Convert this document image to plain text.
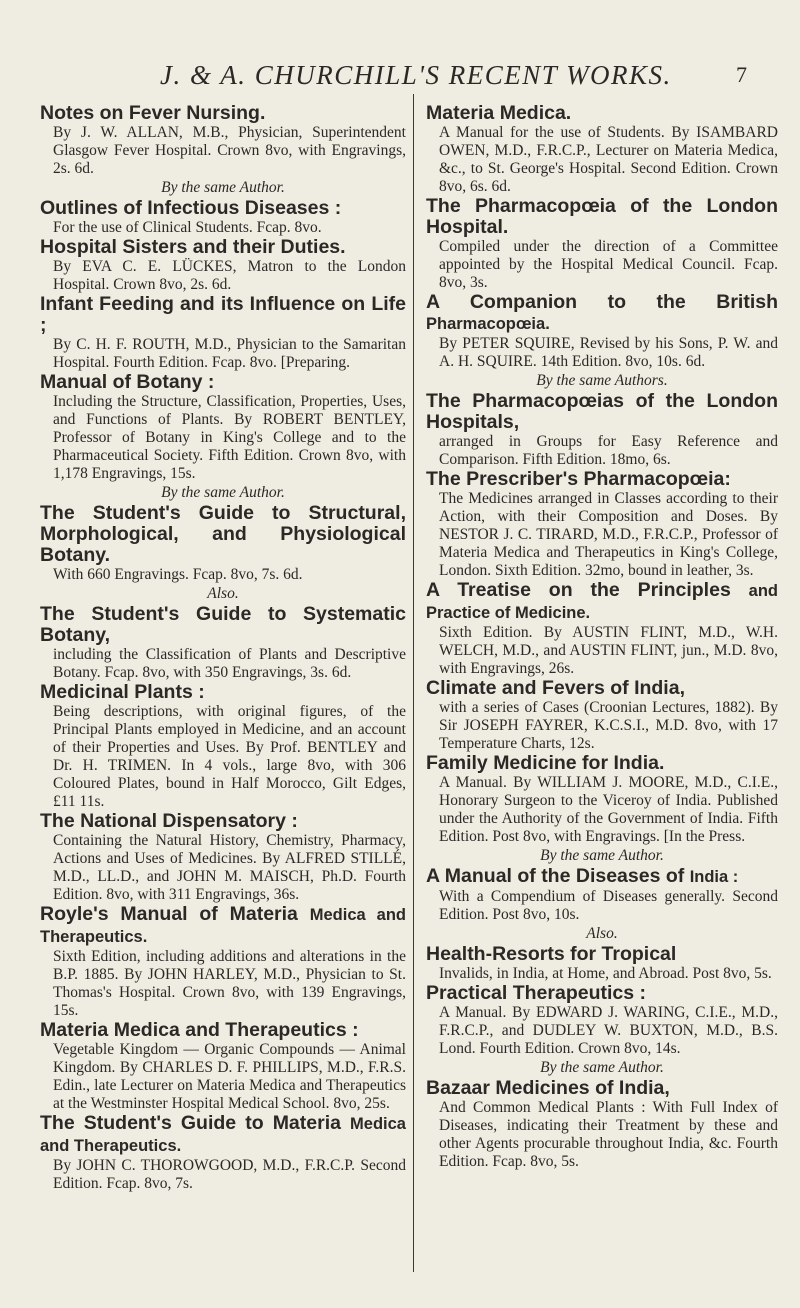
J. & A. CHURCHILL'S RECENT WORKS.	7

Notes on Fever Nursing.

By J. W. ALLAN, M.B., Physician, Superintendent Glasgow Fever Hospital. Crown 8vo, with Engravings, 2s. 6d.

By the same Author.

Outlines of Infectious Diseases :

For the use of Clinical Students. Fcap. 8vo.

Hospital Sisters and their Duties.

By EVA C. E. LÜCKES, Matron to the London Hospital. Crown 8vo, 2s. 6d.

Infant Feeding and its Influence on Life ;

By C. H. F. ROUTH, M.D., Physician to the Samaritan Hospital. Fourth Edition. Fcap. 8vo. [Preparing.

Manual of Botany :

Including the Structure, Classification, Properties, Uses, and Functions of Plants. By ROBERT BENTLEY, Professor of Botany in King's College and to the Pharmaceutical Society. Fifth Edition. Crown 8vo, with 1,178 Engravings, 15s.

By the same Author.

The Student's Guide to Structural, Morphological, and Physiological Botany.

With 660 Engravings. Fcap. 8vo, 7s. 6d.

Also.

The Student's Guide to Systematic Botany,

including the Classification of Plants and Descriptive Botany. Fcap. 8vo, with 350 Engravings, 3s. 6d.

Medicinal Plants :

Being descriptions, with original figures, of the Principal Plants employed in Medicine, and an account of their Properties and Uses. By Prof. BENTLEY and Dr. H. TRIMEN. In 4 vols., large 8vo, with 306 Coloured Plates, bound in Half Morocco, Gilt Edges, £11 11s.

The National Dispensatory :

Containing the Natural History, Chemistry, Pharmacy, Actions and Uses of Medicines. By ALFRED STILLÉ, M.D., LL.D., and JOHN M. MAISCH, Ph.D. Fourth Edition. 8vo, with 311 Engravings, 36s.

Royle's Manual of Materia Medica and Therapeutics.

Sixth Edition, including additions and alterations in the B.P. 1885. By JOHN HARLEY, M.D., Physician to St. Thomas's Hospital. Crown 8vo, with 139 Engravings, 15s.

Materia Medica and Therapeutics :

Vegetable Kingdom — Organic Compounds — Animal Kingdom. By CHARLES D. F. PHILLIPS, M.D., F.R.S. Edin., late Lecturer on Materia Medica and Therapeutics at the Westminster Hospital Medical School. 8vo, 25s.

The Student's Guide to Materia Medica and Therapeutics.

By JOHN C. THOROWGOOD, M.D., F.R.C.P. Second Edition. Fcap. 8vo, 7s.

Materia Medica.

A Manual for the use of Students. By ISAMBARD OWEN, M.D., F.R.C.P., Lecturer on Materia Medica, &c., to St. George's Hospital. Second Edition. Crown 8vo, 6s. 6d.

The Pharmacopœia of the London Hospital.

Compiled under the direction of a Committee appointed by the Hospital Medical Council. Fcap. 8vo, 3s.

A Companion to the British Pharmacopœia.

By PETER SQUIRE, Revised by his Sons, P. W. and A. H. SQUIRE. 14th Edition. 8vo, 10s. 6d.

By the same Authors.

The Pharmacopœias of the London Hospitals,

arranged in Groups for Easy Reference and Comparison. Fifth Edition. 18mo, 6s.

The Prescriber's Pharmacopœia:

The Medicines arranged in Classes according to their Action, with their Composition and Doses. By NESTOR J. C. TIRARD, M.D., F.R.C.P., Professor of Materia Medica and Therapeutics in King's College, London. Sixth Edition. 32mo, bound in leather, 3s.

A Treatise on the Principles and Practice of Medicine.

Sixth Edition. By AUSTIN FLINT, M.D., W.H. WELCH, M.D., and AUSTIN FLINT, jun., M.D. 8vo, with Engravings, 26s.

Climate and Fevers of India,

with a series of Cases (Croonian Lectures, 1882). By Sir JOSEPH FAYRER, K.C.S.I., M.D. 8vo, with 17 Temperature Charts, 12s.

Family Medicine for India.

A Manual. By WILLIAM J. MOORE, M.D., C.I.E., Honorary Surgeon to the Viceroy of India. Published under the Authority of the Government of India. Fifth Edition. Post 8vo, with Engravings. [In the Press.

By the same Author.

A Manual of the Diseases of India :

With a Compendium of Diseases generally. Second Edition. Post 8vo, 10s.

Also.

Health-Resorts for Tropical

Invalids, in India, at Home, and Abroad. Post 8vo, 5s.

Practical Therapeutics :

A Manual. By EDWARD J. WARING, C.I.E., M.D., F.R.C.P., and DUDLEY W. BUXTON, M.D., B.S. Lond. Fourth Edition. Crown 8vo, 14s.

By the same Author.

Bazaar Medicines of India,

And Common Medical Plants : With Full Index of Diseases, indicating their Treatment by these and other Agents procurable throughout India, &c. Fourth Edition. Fcap. 8vo, 5s.
